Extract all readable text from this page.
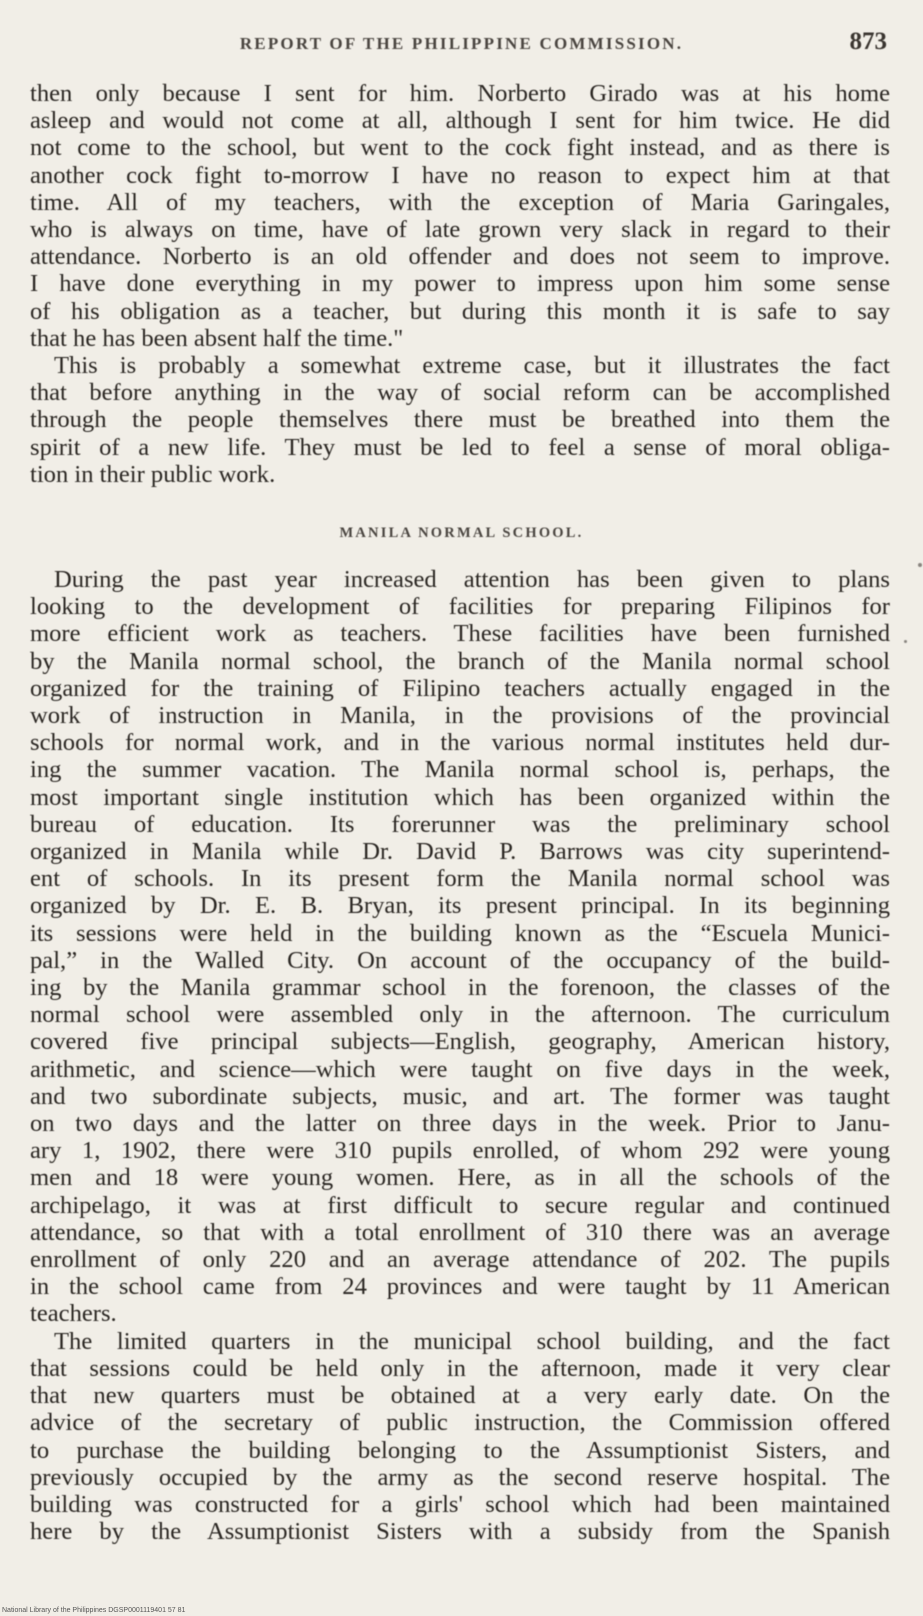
REPORT OF THE PHILIPPINE COMMISSION.	873
then only because I sent for him. Norberto Girado was at his home
asleep and would not come at all, although I sent for him twice. He did
not come to the school, but went to the cock fight instead, and as there is
another cock fight to-morrow I have no reason to expect him at that
time. All of my teachers, with the exception of Maria Garingales,
who is always on time, have of late grown very slack in regard to their
attendance. Norberto is an old offender and does not seem to improve.
I have done everything in my power to impress upon him some sense
of his obligation as a teacher, but during this month it is safe to say
that he has been absent half the time."
This is probably a somewhat extreme case, but it illustrates the fact
that before anything in the way of social reform can be accomplished
through the people themselves there must be breathed into them the
spirit of a new life. They must be led to feel a sense of moral obliga-
tion in their public work.
MANILA NORMAL SCHOOL.
During the past year increased attention has been given to plans
looking to the development of facilities for preparing Filipinos for
more efficient work as teachers. These facilities have been furnished
by the Manila normal school, the branch of the Manila normal school
organized for the training of Filipino teachers actually engaged in the
work of instruction in Manila, in the provisions of the provincial
schools for normal work, and in the various normal institutes held dur-
ing the summer vacation. The Manila normal school is, perhaps, the
most important single institution which has been organized within the
bureau of education. Its forerunner was the preliminary school
organized in Manila while Dr. David P. Barrows was city superintend-
ent of schools. In its present form the Manila normal school was
organized by Dr. E. B. Bryan, its present principal. In its beginning
its sessions were held in the building known as the “Escuela Munici-
pal,” in the Walled City. On account of the occupancy of the build-
ing by the Manila grammar school in the forenoon, the classes of the
normal school were assembled only in the afternoon. The curriculum
covered five principal subjects—English, geography, American history,
arithmetic, and science—which were taught on five days in the week,
and two subordinate subjects, music, and art. The former was taught
on two days and the latter on three days in the week. Prior to Janu-
ary 1, 1902, there were 310 pupils enrolled, of whom 292 were young
men and 18 were young women. Here, as in all the schools of the
archipelago, it was at first difficult to secure regular and continued
attendance, so that with a total enrollment of 310 there was an average
enrollment of only 220 and an average attendance of 202. The pupils
in the school came from 24 provinces and were taught by 11 American
teachers.
The limited quarters in the municipal school building, and the fact
that sessions could be held only in the afternoon, made it very clear
that new quarters must be obtained at a very early date. On the
advice of the secretary of public instruction, the Commission offered
to purchase the building belonging to the Assumptionist Sisters, and
previously occupied by the army as the second reserve hospital. The
building was constructed for a girls' school which had been maintained
here by the Assumptionist Sisters with a subsidy from the Spanish
National Library of the Philippines DGSP0001119401 57 81
